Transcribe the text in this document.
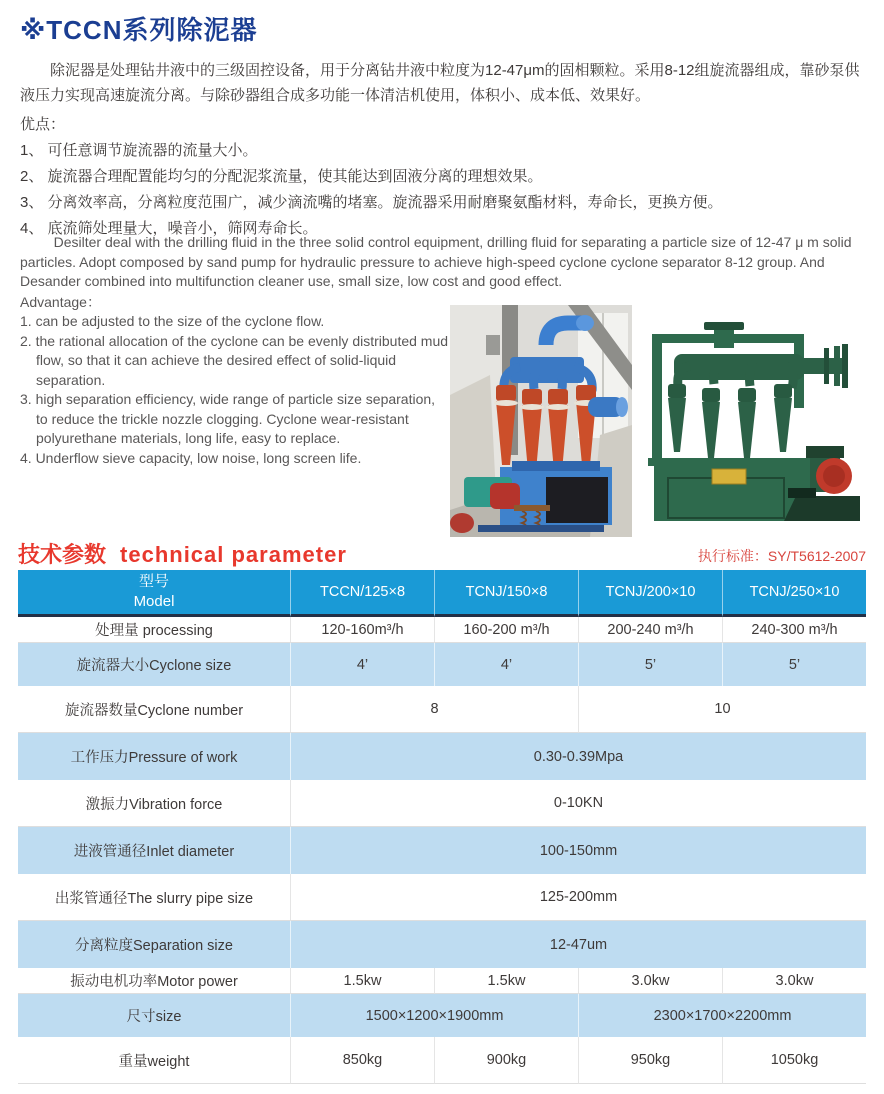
※TCCN系列除泥器
除泥器是处理钻井液中的三级固控设备，用于分离钻井液中粒度为12-47μm的固相颗粒。采用8-12组旋流器组成，靠砂泵供液压力实现高速旋流分离。与除砂器组合成多功能一体清洁机使用，体积小、成本低、效果好。
优点：
1、 可任意调节旋流器的流量大小。
2、 旋流器合理配置能均匀的分配泥浆流量，使其能达到固液分离的理想效果。
3、 分离效率高，分离粒度范围广，减少滴流嘴的堵塞。旋流器采用耐磨聚氨酯材料，寿命长，更换方便。
4、 底流筛处理量大，噪音小，筛网寿命长。
Desilter deal with the drilling fluid in the three solid control equipment, drilling fluid for separating a particle size of 12-47 μ m solid particles. Adopt composed by sand pump for hydraulic pressure to achieve high-speed cyclone cyclone separator 8-12 group. And Desander combined into multifunction cleaner use, small size, low cost and good effect.
Advantage：
1. can be adjusted to the size of the cyclone flow.
2. the rational allocation of the cyclone can be evenly distributed mud flow, so that it can achieve the desired effect of solid-liquid separation.
3. high separation efficiency, wide range of particle size separation, to reduce the trickle nozzle clogging. Cyclone wear-resistant polyurethane materials, long life, easy to replace.
4. Underflow sieve capacity, low noise, long screen life.
技术参数 technical parameter	执行标准：SY/T5612-2007
型号
Model	TCCN/125×8	TCNJ/150×8	TCNJ/200×10	TCNJ/250×10
处理量 processing	120-160m³/h	160-200 m³/h	200-240 m³/h	240-300 m³/h
旋流器大小Cyclone size	4’	4’	5’	5’
旋流器数量Cyclone number	8		10	
工作压力Pressure of work	0.30-0.39Mpa			
激振力Vibration force	0-10KN			
进液管通径Inlet diameter	100-150mm			
出浆管通径The slurry pipe size	125-200mm			
分离粒度Separation size	12-47um			
振动电机功率Motor power	1.5kw	1.5kw	3.0kw	3.0kw
尺寸size	1500×1200×1900mm		2300×1700×2200mm	
重量weight	850kg	900kg	950kg	1050kg
